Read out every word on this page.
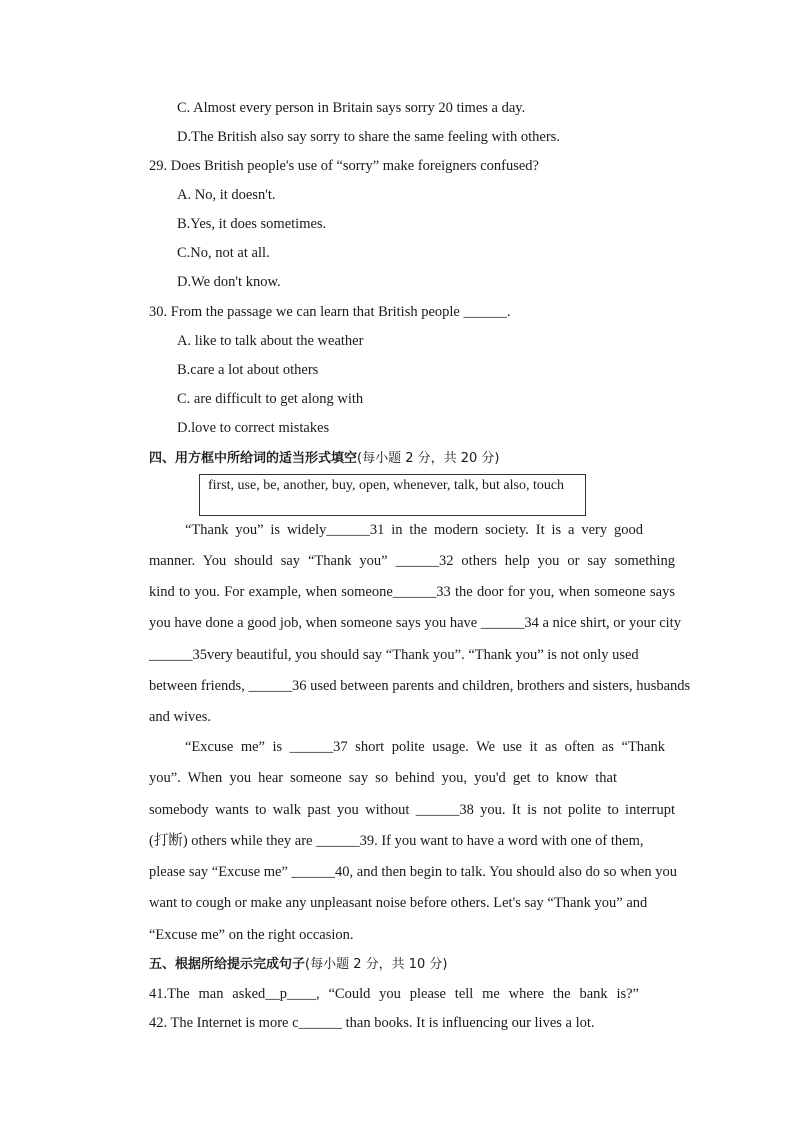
C. Almost every person in Britain says sorry 20 times a day.
D.The British also say sorry to share the same feeling with others.
29. Does British people's use of “sorry” make foreigners confused?
A. No, it doesn't.
B.Yes, it does sometimes.
C.No, not at all.
D.We don't know.
30. From the passage we can learn that British people ______.
A. like to talk about the weather
B.care a lot about others
C. are difficult to get along with
D.love to correct mistakes
四、用方框中所给词的适当形式填空(每小题 2 分，共 20 分)
first, use, be, another, buy, open, whenever, talk, but also, touch
“Thank you” is widely______31 in the modern society. It is a very good
manner. You should say “Thank you” ______32 others help you or say something
kind to you. For example, when someone______33 the door for you, when someone says
you have done a good job, when someone says you have ______34 a nice shirt, or your city
______35very beautiful, you should say “Thank you”. “Thank you” is not only used
between friends, ______36 used between parents and children, brothers and sisters, husbands
and wives.
“Excuse me” is ______37 short polite usage. We use it as often as “Thank
you”. When you hear someone say so behind you, you'd get to know that
somebody wants to walk past you without ______38 you. It is not polite to interrupt
(打断) others while they are ______39. If you want to have a word with one of them,
please say “Excuse me” ______40, and then begin to talk. You should also do so when you
want to cough or make any unpleasant noise before others. Let's say “Thank you” and
“Excuse me” on the right occasion.
五、根据所给提示完成句子(每小题 2 分，共 10 分)
41.The man asked__p____, “Could you please tell me where the bank is?”
42. The Internet is more c______ than books. It is influencing our lives a lot.
